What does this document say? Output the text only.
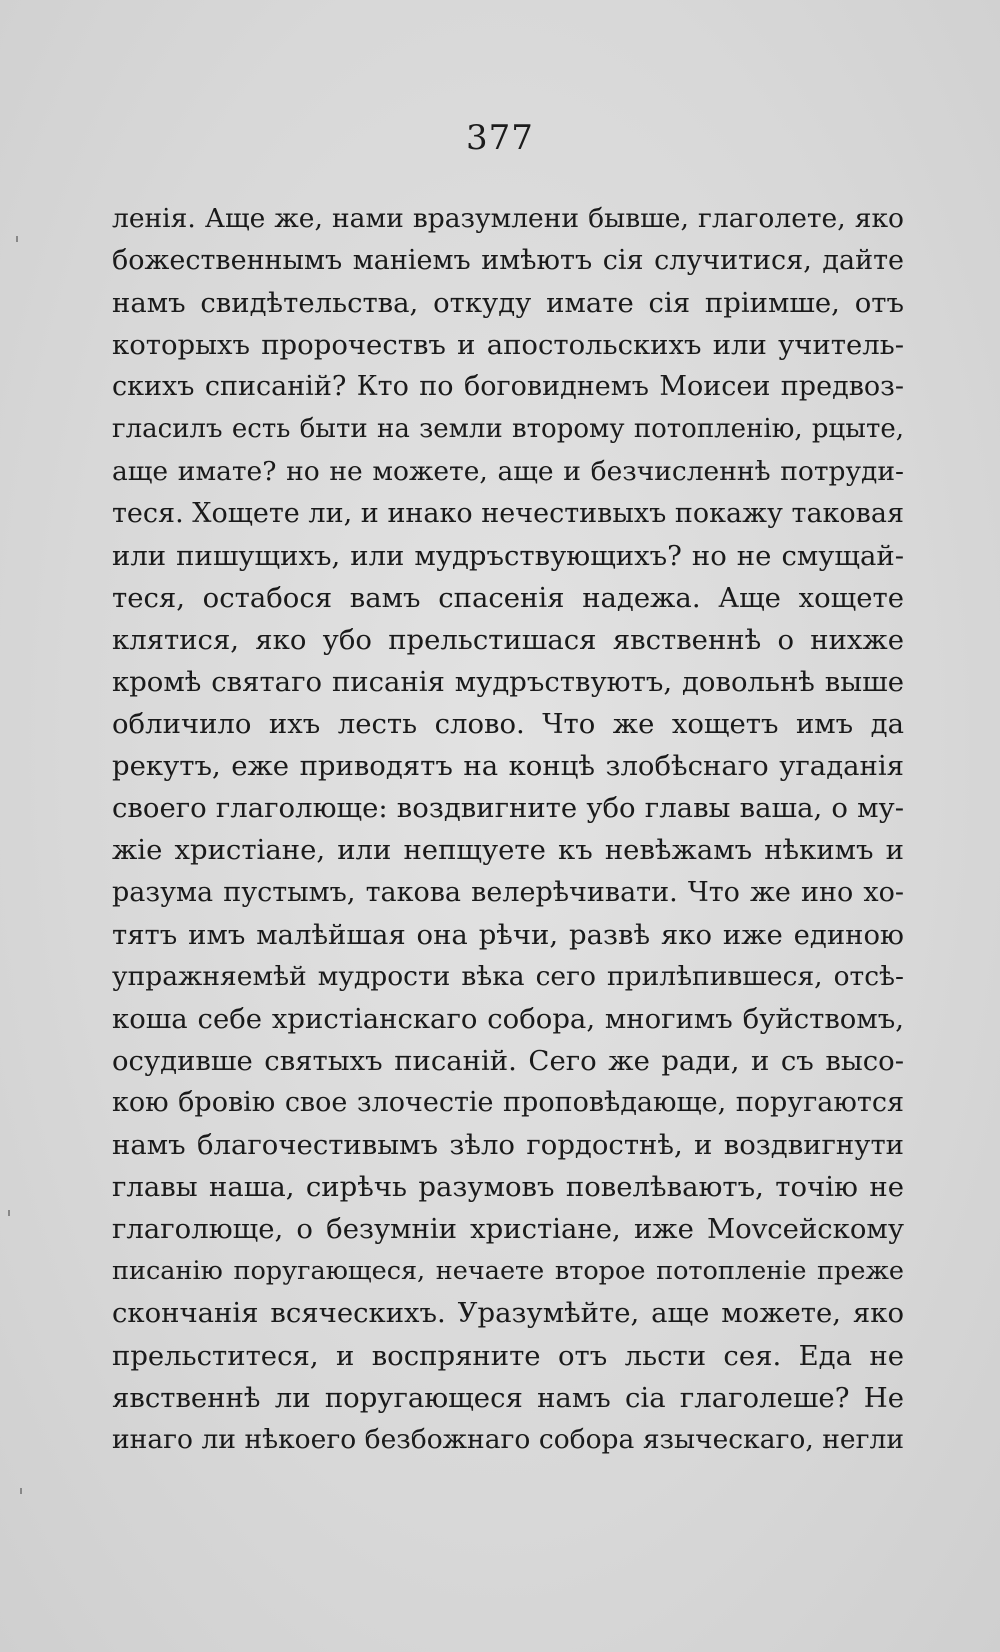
377
ленія. Аще же, нами вразумлени бывше, глаголете, яко
божественнымъ маніемъ имѣютъ сія случитися, дайте
намъ свидѣтельства, откуду имате сія пріимше, отъ
которыхъ пророчествъ и апостольскихъ или учитель-
скихъ списаній? Кто по боговиднемъ Моисеи предвоз-
гласилъ есть быти на земли второму потопленію, рцыте,
аще имате? но не можете, аще и безчисленнѣ потруди-
теся. Хощете ли, и инако нечестивыхъ покажу таковая
или пишущихъ, или мудръствующихъ? но не смущай-
теся, остабося вамъ спасенія надежа. Аще хощете
клятися, яко убо прельстишася явственнѣ о нихже
кромѣ святаго писанія мудръствуютъ, довольнѣ выше
обличило ихъ лесть слово. Что же хощетъ имъ да
рекутъ, еже приводятъ на концѣ злобѣснаго угаданія
своего глаголюще: воздвигните убо главы ваша, о му-
жіе христіане, или непщуете къ невѣжамъ нѣкимъ и
разума пустымъ, такова велерѣчивати. Что же ино хо-
тятъ имъ малѣйшая она рѣчи, развѣ яко иже единою
упражняемѣй мудрости вѣка сего прилѣпившеся, отсѣ-
коша себе христіанскаго собора, многимъ буйствомъ,
осудивше святыхъ писаній. Сего же ради, и съ высо-
кою бровію свое злочестіе проповѣдающе, поругаются
намъ благочестивымъ зѣло гордостнѣ, и воздвигнути
главы наша, сирѣчь разумовъ повелѣваютъ, точію не
глаголюще, о безумніи христіане, иже Моvсейскому
писанію поругающеся, нечаете второе потопленіе преже
скончанія всяческихъ. Уразумѣйте, аще можете, яко
прельститеся, и воспряните отъ льсти сея. Еда не
явственнѣ ли поругающеся намъ сіа глаголеше? Не
инаго ли нѣкоего безбожнаго собора языческаго, негли
